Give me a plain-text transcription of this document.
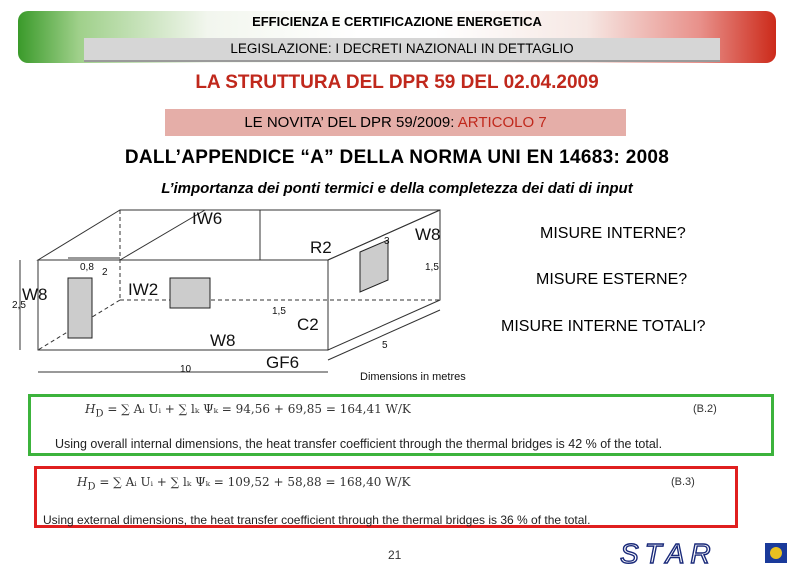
EFFICIENZA E CERTIFICAZIONE ENERGETICA
LEGISLAZIONE: I DECRETI NAZIONALI IN DETTAGLIO
LA STRUTTURA DEL DPR 59 DEL 02.04.2009
LE NOVITA’ DEL DPR 59/2009: ARTICOLO 7
DALL’APPENDICE “A” DELLA NORMA UNI EN 14683: 2008
L’importanza dei ponti termici e della completezza dei dati di input
IW6
R2
W8
W8	IW2
C2
W8
GF6
0,8
1,5
1,5
2,5
5
10
3
2
Dimensions in metres
MISURE INTERNE?
MISURE ESTERNE?
MISURE INTERNE TOTALI?
$H_D$ = ∑ Aᵢ Uᵢ + ∑ lₖ Ψₖ = 94,56 + 69,85 = 164,41 W/K	(B.2)
Using overall internal dimensions, the heat transfer coefficient through the thermal bridges is 42 % of the total.
$H_D$ = ∑ Aᵢ Uᵢ + ∑ lₖ Ψₖ = 109,52 + 58,88 = 168,40 W/K	(B.3)
Using external dimensions, the heat transfer coefficient through the thermal bridges is 36 % of the total.
21	STAR
